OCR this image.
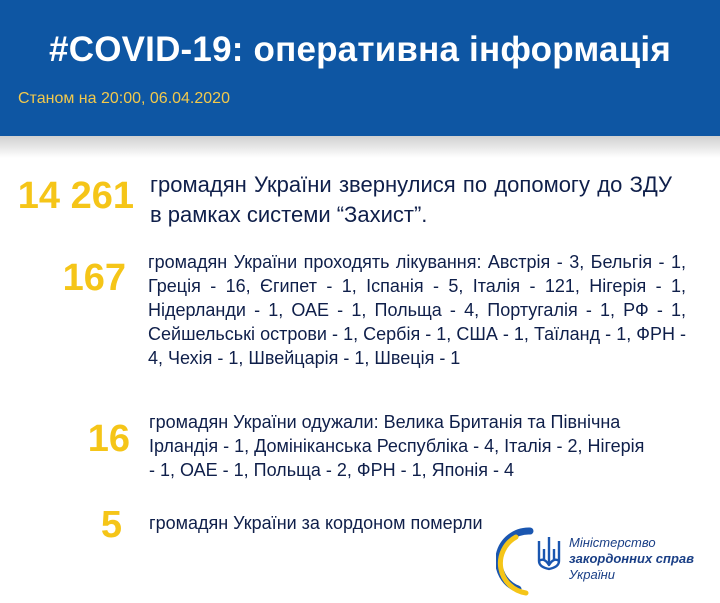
#COVID-19: оперативна інформація
Станом на 20:00, 06.04.2020
14 261 громадян України звернулися по допомогу до ЗДУ в рамках системи “Захист”.
167 громадян України проходять лікування: Австрія - 3, Бельгія - 1, Греція - 16, Єгипет - 1, Іспанія - 5, Італія - 121, Нігерія - 1, Нідерланди - 1, ОАЕ - 1, Польща - 4, Португалія - 1, РФ - 1, Сейшельські острови - 1, Сербія - 1, США - 1, Таїланд - 1, ФРН - 4, Чехія - 1, Швейцарія - 1, Швеція - 1
16 громадян України одужали: Велика Британія та Північна Ірландія - 1, Домініканська Республіка - 4, Італія - 2, Нігерія - 1, ОАЕ - 1, Польща - 2, ФРН - 1, Японія - 4
5 громадян України за кордоном померли
Міністерство
закордонних справ
України
